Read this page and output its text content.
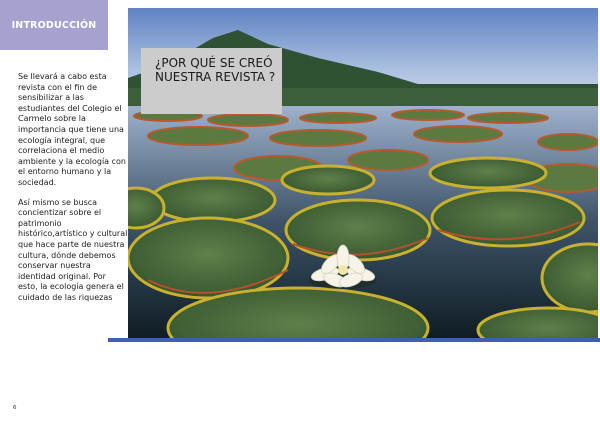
INTRODUCCIÓN

Se llevará a cabo esta revista con el fin de sensibilizar a las estudiantes del Colegio el Carmelo sobre la importancia que tiene una ecología integral, que correlaciona el medio ambiente y la ecología con el entorno humano y la sociedad.

Así mismo se busca concientizar sobre el patrimonio histórico,artístico y cultural que hace parte de nuestra cultura, dónde debemos conservar nuestra identidad original. Por esto, la ecología genera el cuidado de las riquezas

¿POR QUÉ SE CREÓ
NUESTRA REVISTA ?
6
